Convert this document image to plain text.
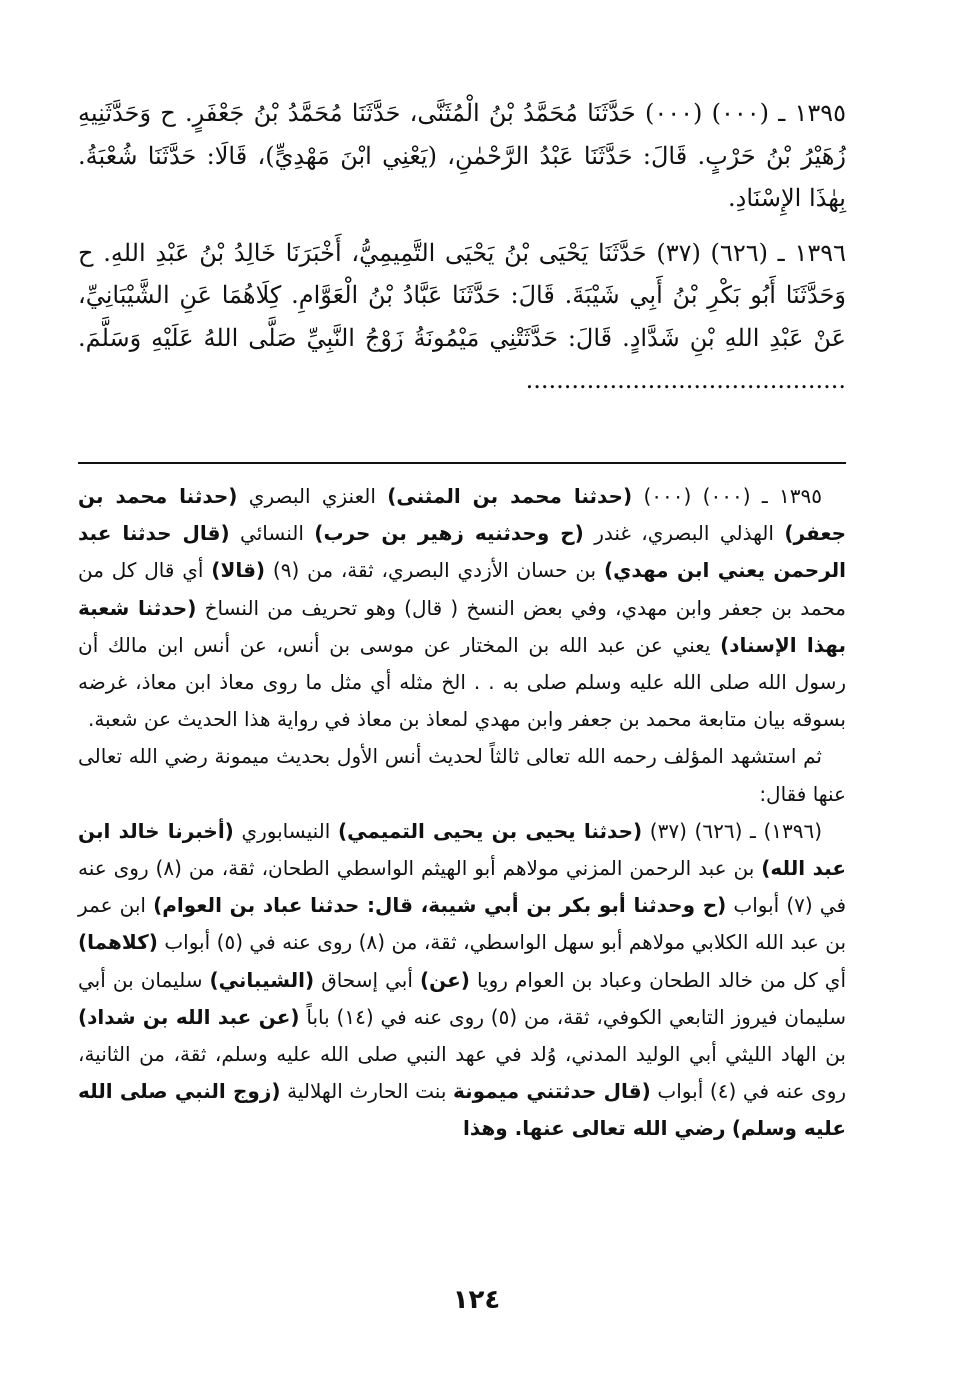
١٣٩٥ ـ (٠٠٠) (٠٠٠) حَدَّثَنَا مُحَمَّدُ بْنُ الْمُثَنَّى، حَدَّثَنَا مُحَمَّدُ بْنُ جَعْفَرٍ. ح وَحَدَّثَنِيهِ زُهَيْرُ بْنُ حَرْبٍ. قَالَ: حَدَّثَنَا عَبْدُ الرَّحْمٰنِ، (يَعْنِي ابْنَ مَهْدِيٍّ)، قَالَا: حَدَّثَنَا شُعْبَةُ. بِهٰذَا الإِسْنَادِ.

١٣٩٦ ـ (٦٢٦) (٣٧) حَدَّثَنَا يَحْيَى بْنُ يَحْيَى التَّمِيمِيُّ، أَخْبَرَنَا خَالِدُ بْنُ عَبْدِ اللهِ. ح وَحَدَّثَنَا أَبُو بَكْرِ بْنُ أَبِي شَيْبَةَ. قَالَ: حَدَّثَنَا عَبَّادُ بْنُ الْعَوَّامِ. كِلَاهُمَا عَنِ الشَّيْبَانِيِّ، عَنْ عَبْدِ اللهِ بْنِ شَدَّادٍ. قَالَ: حَدَّثَتْنِي مَيْمُونَةُ زَوْجُ النَّبِيِّ صَلَّى اللهُ عَلَيْهِ وَسَلَّمَ. ..........................................

١٣٩٥ ـ (٠٠٠) (٠٠٠) (حدثنا محمد بن المثنى) العنزي البصري (حدثنا محمد بن جعفر) الهذلي البصري، غندر (ح وحدثنيه زهير بن حرب) النسائي (قال حدثنا عبد الرحمن يعني ابن مهدي) بن حسان الأزدي البصري، ثقة، من (٩) (قالا) أي قال كل من محمد بن جعفر وابن مهدي، وفي بعض النسخ ( قال) وهو تحريف من النساخ (حدثنا شعبة بهذا الإسناد) يعني عن عبد الله بن المختار عن موسى بن أنس، عن أنس ابن مالك أن رسول الله صلى الله عليه وسلم صلى به . . الخ مثله أي مثل ما روى معاذ ابن معاذ، غرضه بسوقه بيان متابعة محمد بن جعفر وابن مهدي لمعاذ بن معاذ في رواية هذا الحديث عن شعبة.

ثم استشهد المؤلف رحمه الله تعالى ثالثاً لحديث أنس الأول بحديث ميمونة رضي الله تعالى عنها فقال:

(١٣٩٦) ـ (٦٢٦) (٣٧) (حدثنا يحيى بن يحيى التميمي) النيسابوري (أخبرنا خالد ابن عبد الله) بن عبد الرحمن المزني مولاهم أبو الهيثم الواسطي الطحان، ثقة، من (٨) روى عنه في (٧) أبواب (ح وحدثنا أبو بكر بن أبي شيبة، قال: حدثنا عباد بن العوام) ابن عمر بن عبد الله الكلابي مولاهم أبو سهل الواسطي، ثقة، من (٨) روى عنه في (٥) أبواب (كلاهما) أي كل من خالد الطحان وعباد بن العوام رويا (عن) أبي إسحاق (الشيباني) سليمان بن أبي سليمان فيروز التابعي الكوفي، ثقة، من (٥) روى عنه في (١٤) باباً (عن عبد الله بن شداد) بن الهاد الليثي أبي الوليد المدني، وُلد في عهد النبي صلى الله عليه وسلم، ثقة، من الثانية، روى عنه في (٤) أبواب (قال حدثتني ميمونة بنت الحارث الهلالية (زوج النبي صلى الله عليه وسلم) رضي الله تعالى عنها. وهذا

١٢٤
